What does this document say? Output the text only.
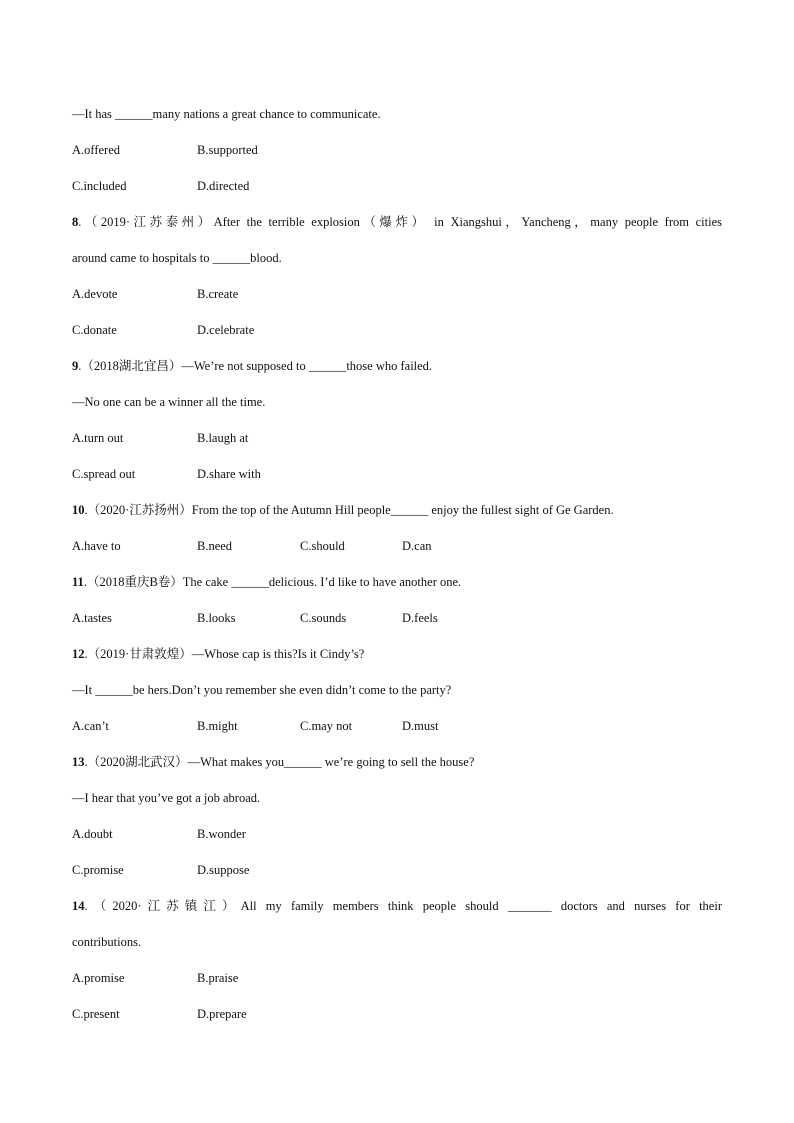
—It has ______many nations a great chance to communicate.
A.offered	B.supported
C.included	D.directed
8.（2019·江苏泰州）After the terrible explosion（爆炸） in Xiangshui，Yancheng，many people from cities
around came to hospitals to ______blood.
A.devote	B.create
C.donate	D.celebrate
9.（2018湖北宜昌）—We’re not supposed to ______those who failed.
—No one can be a winner all the time.
A.turn out	B.laugh at
C.spread out	D.share with
10.（2020·江苏扬州）From the top of the Autumn Hill people______ enjoy the fullest sight of Ge Garden.
A.have to	B.need	C.should	D.can
11.（2018重庆B卷）The cake ______delicious. I’d like to have another one.
A.tastes	B.looks	C.sounds	D.feels
12.（2019·甘肃敦煌）—Whose cap is this?Is it Cindy’s?
—It ______be hers.Don’t you remember she even didn’t come to the party?
A.can’t	B.might	C.may not	D.must
13.（2020湖北武汉）—What makes you______ we’re going to sell the house?
—I hear that you’ve got a job abroad.
A.doubt	B.wonder
C.promise	D.suppose
14.（2020·江苏镇江）All my family members think people should _______ doctors and nurses for their
contributions.
A.promise	B.praise
C.present	D.prepare
